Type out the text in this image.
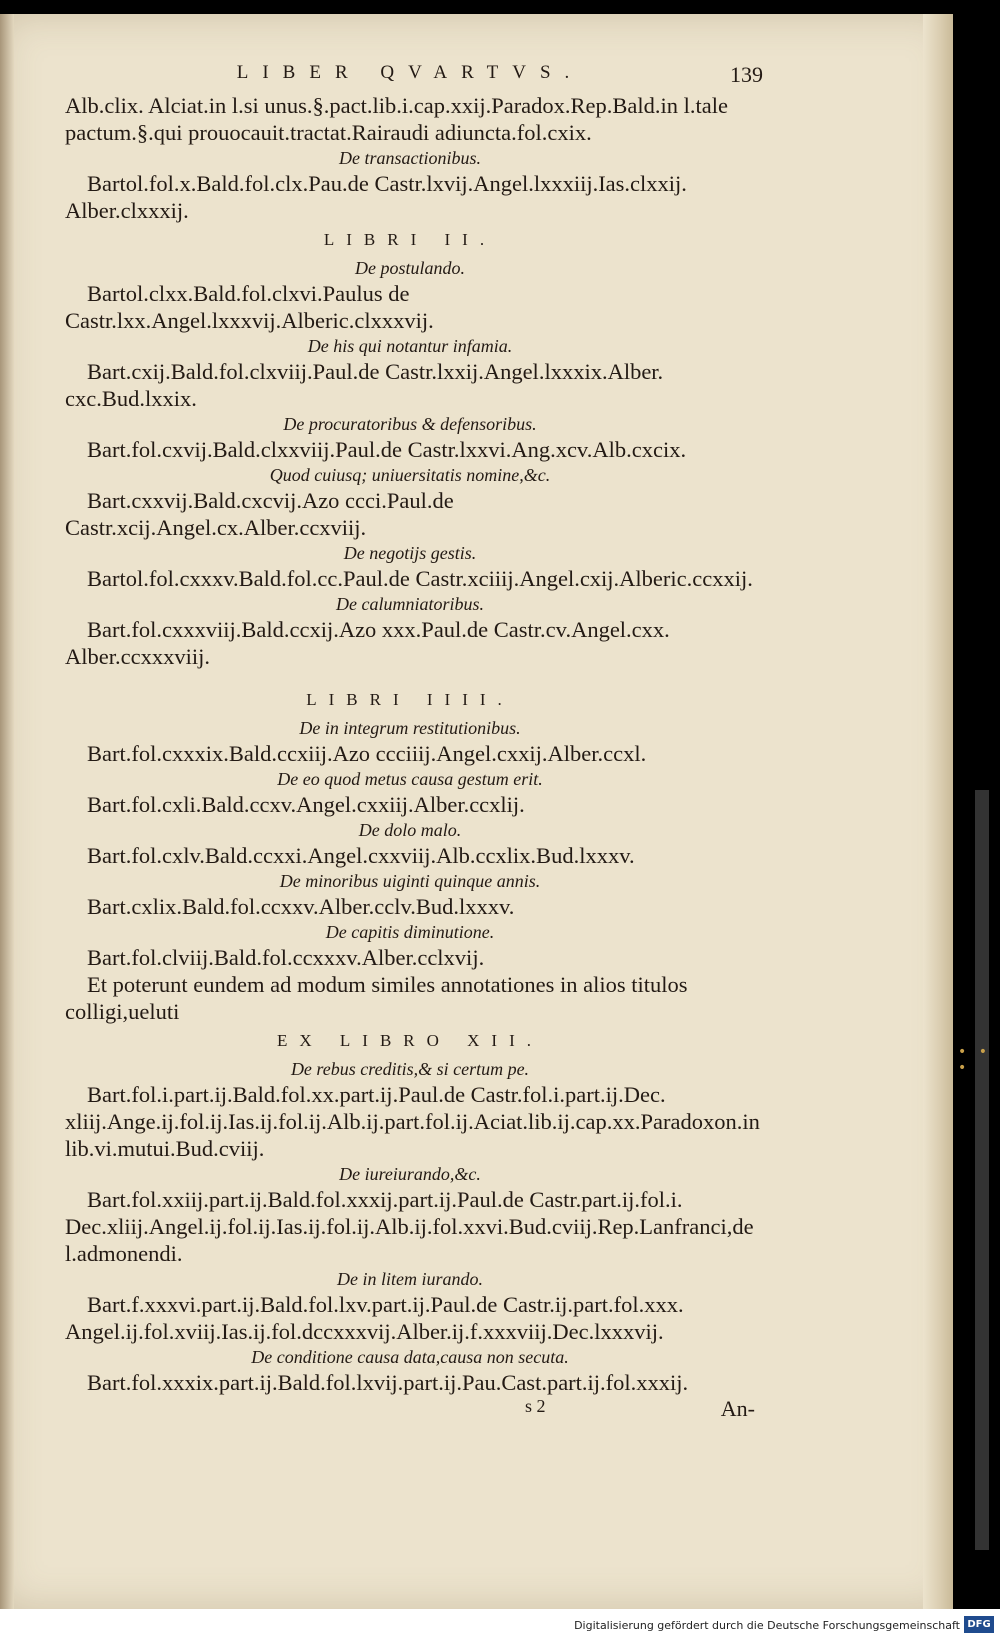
• • •
LIBER QVARTVS.	139

Alb.clix. Alciat.in l.si unus.§.pact.lib.i.cap.xxij.Paradox.Rep.Bald.in l.tale pactum.§.qui prouocauit.tractat.Rairaudi adiuncta.fol.cxix.

De transactionibus.

Bartol.fol.x.Bald.fol.clx.Pau.de Castr.lxvij.Angel.lxxxiij.Ias.clxxij. Alber.clxxxij.

LIBRI II.

De postulando.

Bartol.clxx.Bald.fol.clxvi.Paulus de Castr.lxx.Angel.lxxxvij.Alberic.clxxxvij.

De his qui notantur infamia.

Bart.cxij.Bald.fol.clxviij.Paul.de Castr.lxxij.Angel.lxxxix.Alber. cxc.Bud.lxxix.

De procuratoribus & defensoribus.

Bart.fol.cxvij.Bald.clxxviij.Paul.de Castr.lxxvi.Ang.xcv.Alb.cxcix.

Quod cuiusq; uniuersitatis nomine,&c.

Bart.cxxvij.Bald.cxcvij.Azo ccci.Paul.de Castr.xcij.Angel.cx.Alber.ccxviij.

De negotijs gestis.

Bartol.fol.cxxxv.Bald.fol.cc.Paul.de Castr.xciiij.Angel.cxij.Alberic.ccxxij.

De calumniatoribus.

Bart.fol.cxxxviij.Bald.ccxij.Azo xxx.Paul.de Castr.cv.Angel.cxx. Alber.ccxxxviij.

LIBRI IIII.

De in integrum restitutionibus.

Bart.fol.cxxxix.Bald.ccxiij.Azo ccciiij.Angel.cxxij.Alber.ccxl.

De eo quod metus causa gestum erit.

Bart.fol.cxli.Bald.ccxv.Angel.cxxiij.Alber.ccxlij.

De dolo malo.

Bart.fol.cxlv.Bald.ccxxi.Angel.cxxviij.Alb.ccxlix.Bud.lxxxv.

De minoribus uiginti quinque annis.

Bart.cxlix.Bald.fol.ccxxv.Alber.cclv.Bud.lxxxv.

De capitis diminutione.

Bart.fol.clviij.Bald.fol.ccxxxv.Alber.cclxvij.

Et poterunt eundem ad modum similes annotationes in alios titulos colligi,ueluti

EX LIBRO XII.

De rebus creditis,& si certum pe.

Bart.fol.i.part.ij.Bald.fol.xx.part.ij.Paul.de Castr.fol.i.part.ij.Dec. xliij.Ange.ij.fol.ij.Ias.ij.fol.ij.Alb.ij.part.fol.ij.Aciat.lib.ij.cap.xx.Paradoxon.in lib.vi.mutui.Bud.cviij.

De iureiurando,&c.

Bart.fol.xxiij.part.ij.Bald.fol.xxxij.part.ij.Paul.de Castr.part.ij.fol.i. Dec.xliij.Angel.ij.fol.ij.Ias.ij.fol.ij.Alb.ij.fol.xxvi.Bud.cviij.Rep.Lanfranci,de l.admonendi.

De in litem iurando.

Bart.f.xxxvi.part.ij.Bald.fol.lxv.part.ij.Paul.de Castr.ij.part.fol.xxx. Angel.ij.fol.xviij.Ias.ij.fol.dccxxxvij.Alber.ij.f.xxxviij.Dec.lxxxvij.

De conditione causa data,causa non secuta.

Bart.fol.xxxix.part.ij.Bald.fol.lxvij.part.ij.Pau.Cast.part.ij.fol.xxxij.

s 2	An-
Digitalisierung gefördert durch die Deutsche Forschungsgemeinschaft DFG
